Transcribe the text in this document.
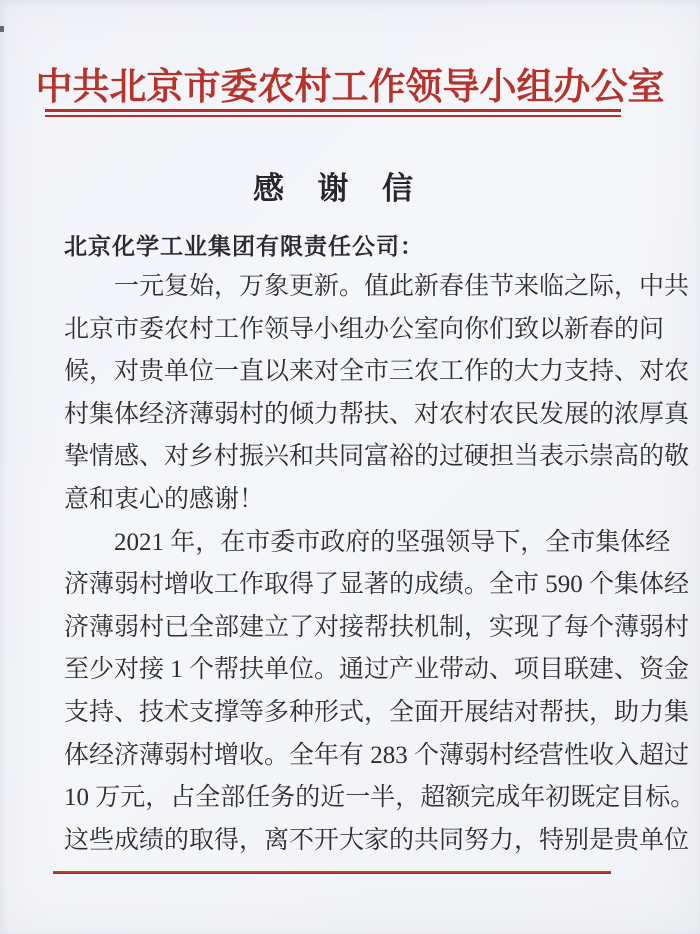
中共北京市委农村工作领导小组办公室
感  谢  信
北京化学工业集团有限责任公司：
一元复始，万象更新。值此新春佳节来临之际，中共
北京市委农村工作领导小组办公室向你们致以新春的问
候，对贵单位一直以来对全市三农工作的大力支持、对农
村集体经济薄弱村的倾力帮扶、对农村农民发展的浓厚真
挚情感、对乡村振兴和共同富裕的过硬担当表示崇高的敬
意和衷心的感谢！
2021 年，在市委市政府的坚强领导下，全市集体经
济薄弱村增收工作取得了显著的成绩。全市 590 个集体经
济薄弱村已全部建立了对接帮扶机制，实现了每个薄弱村
至少对接 1 个帮扶单位。通过产业带动、项目联建、资金
支持、技术支撑等多种形式，全面开展结对帮扶，助力集
体经济薄弱村增收。全年有 283 个薄弱村经营性收入超过
10 万元，占全部任务的近一半，超额完成年初既定目标。
这些成绩的取得，离不开大家的共同努力，特别是贵单位
